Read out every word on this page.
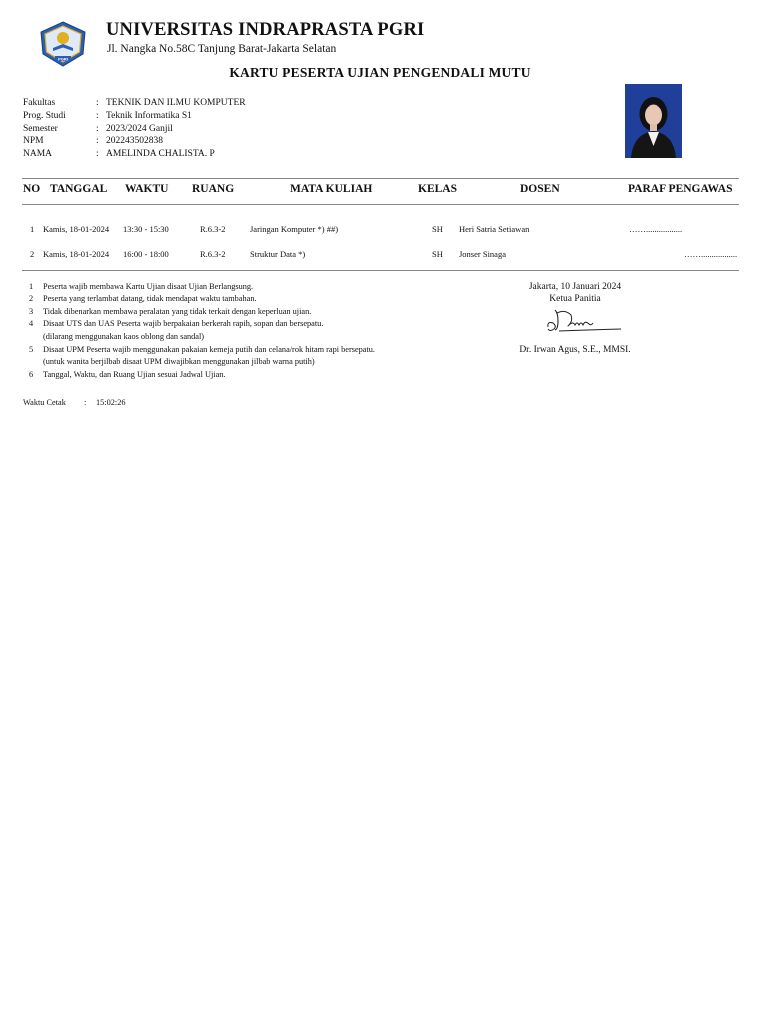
PGRI
UNIVERSITAS INDRAPRASTA PGRI
Jl. Nangka No.58C Tanjung Barat-Jakarta Selatan
KARTU PESERTA UJIAN PENGENDALI MUTU
Fakultas	: TEKNIK DAN ILMU KOMPUTER
Prog. Studi	: Teknik Informatika S1
Semester	: 2023/2024 Ganjil
NPM	: 202243502838
NAMA	: AMELINDA CHALISTA. P
NO TANGGAL WAKTU RUANG	MATA KULIAH	KELAS	DOSEN	PARAF PENGAWAS
1 Kamis, 18-01-2024 13:30 - 15:30	R.6.3-2	Jaringan Komputer *) ##)	SH Heri Satria Setiawan	…….................
2 Kamis, 18-01-2024 16:00 - 18:00	R.6.3-2	Struktur Data *)	SH Jonser Sinaga	…….................
1 Peserta wajib membawa Kartu Ujian disaat Ujian Berlangsung.
2 Peserta yang terlambat datang, tidak mendapat waktu tambahan.
3 Tidak dibenarkan membawa peralatan yang tidak terkait dengan keperluan ujian.
4 Disaat UTS dan UAS Peserta wajib berpakaian berkerah rapih, sopan dan bersepatu.
(dilarang menggunakan kaos oblong dan sandal)
5 Disaat UPM Peserta wajib menggunakan pakaian kemeja putih dan celana/rok hitam rapi bersepatu.
(untuk wanita berjilbab disaat UPM diwajibkan menggunakan jilbab warna putih)
6 Tanggal, Waktu, dan Ruang Ujian sesuai Jadwal Ujian.
Jakarta, 10 Januari 2024
Ketua Panitia
Dr. Irwan Agus, S.E., MMSI.
Waktu Cetak : 15:02:26
